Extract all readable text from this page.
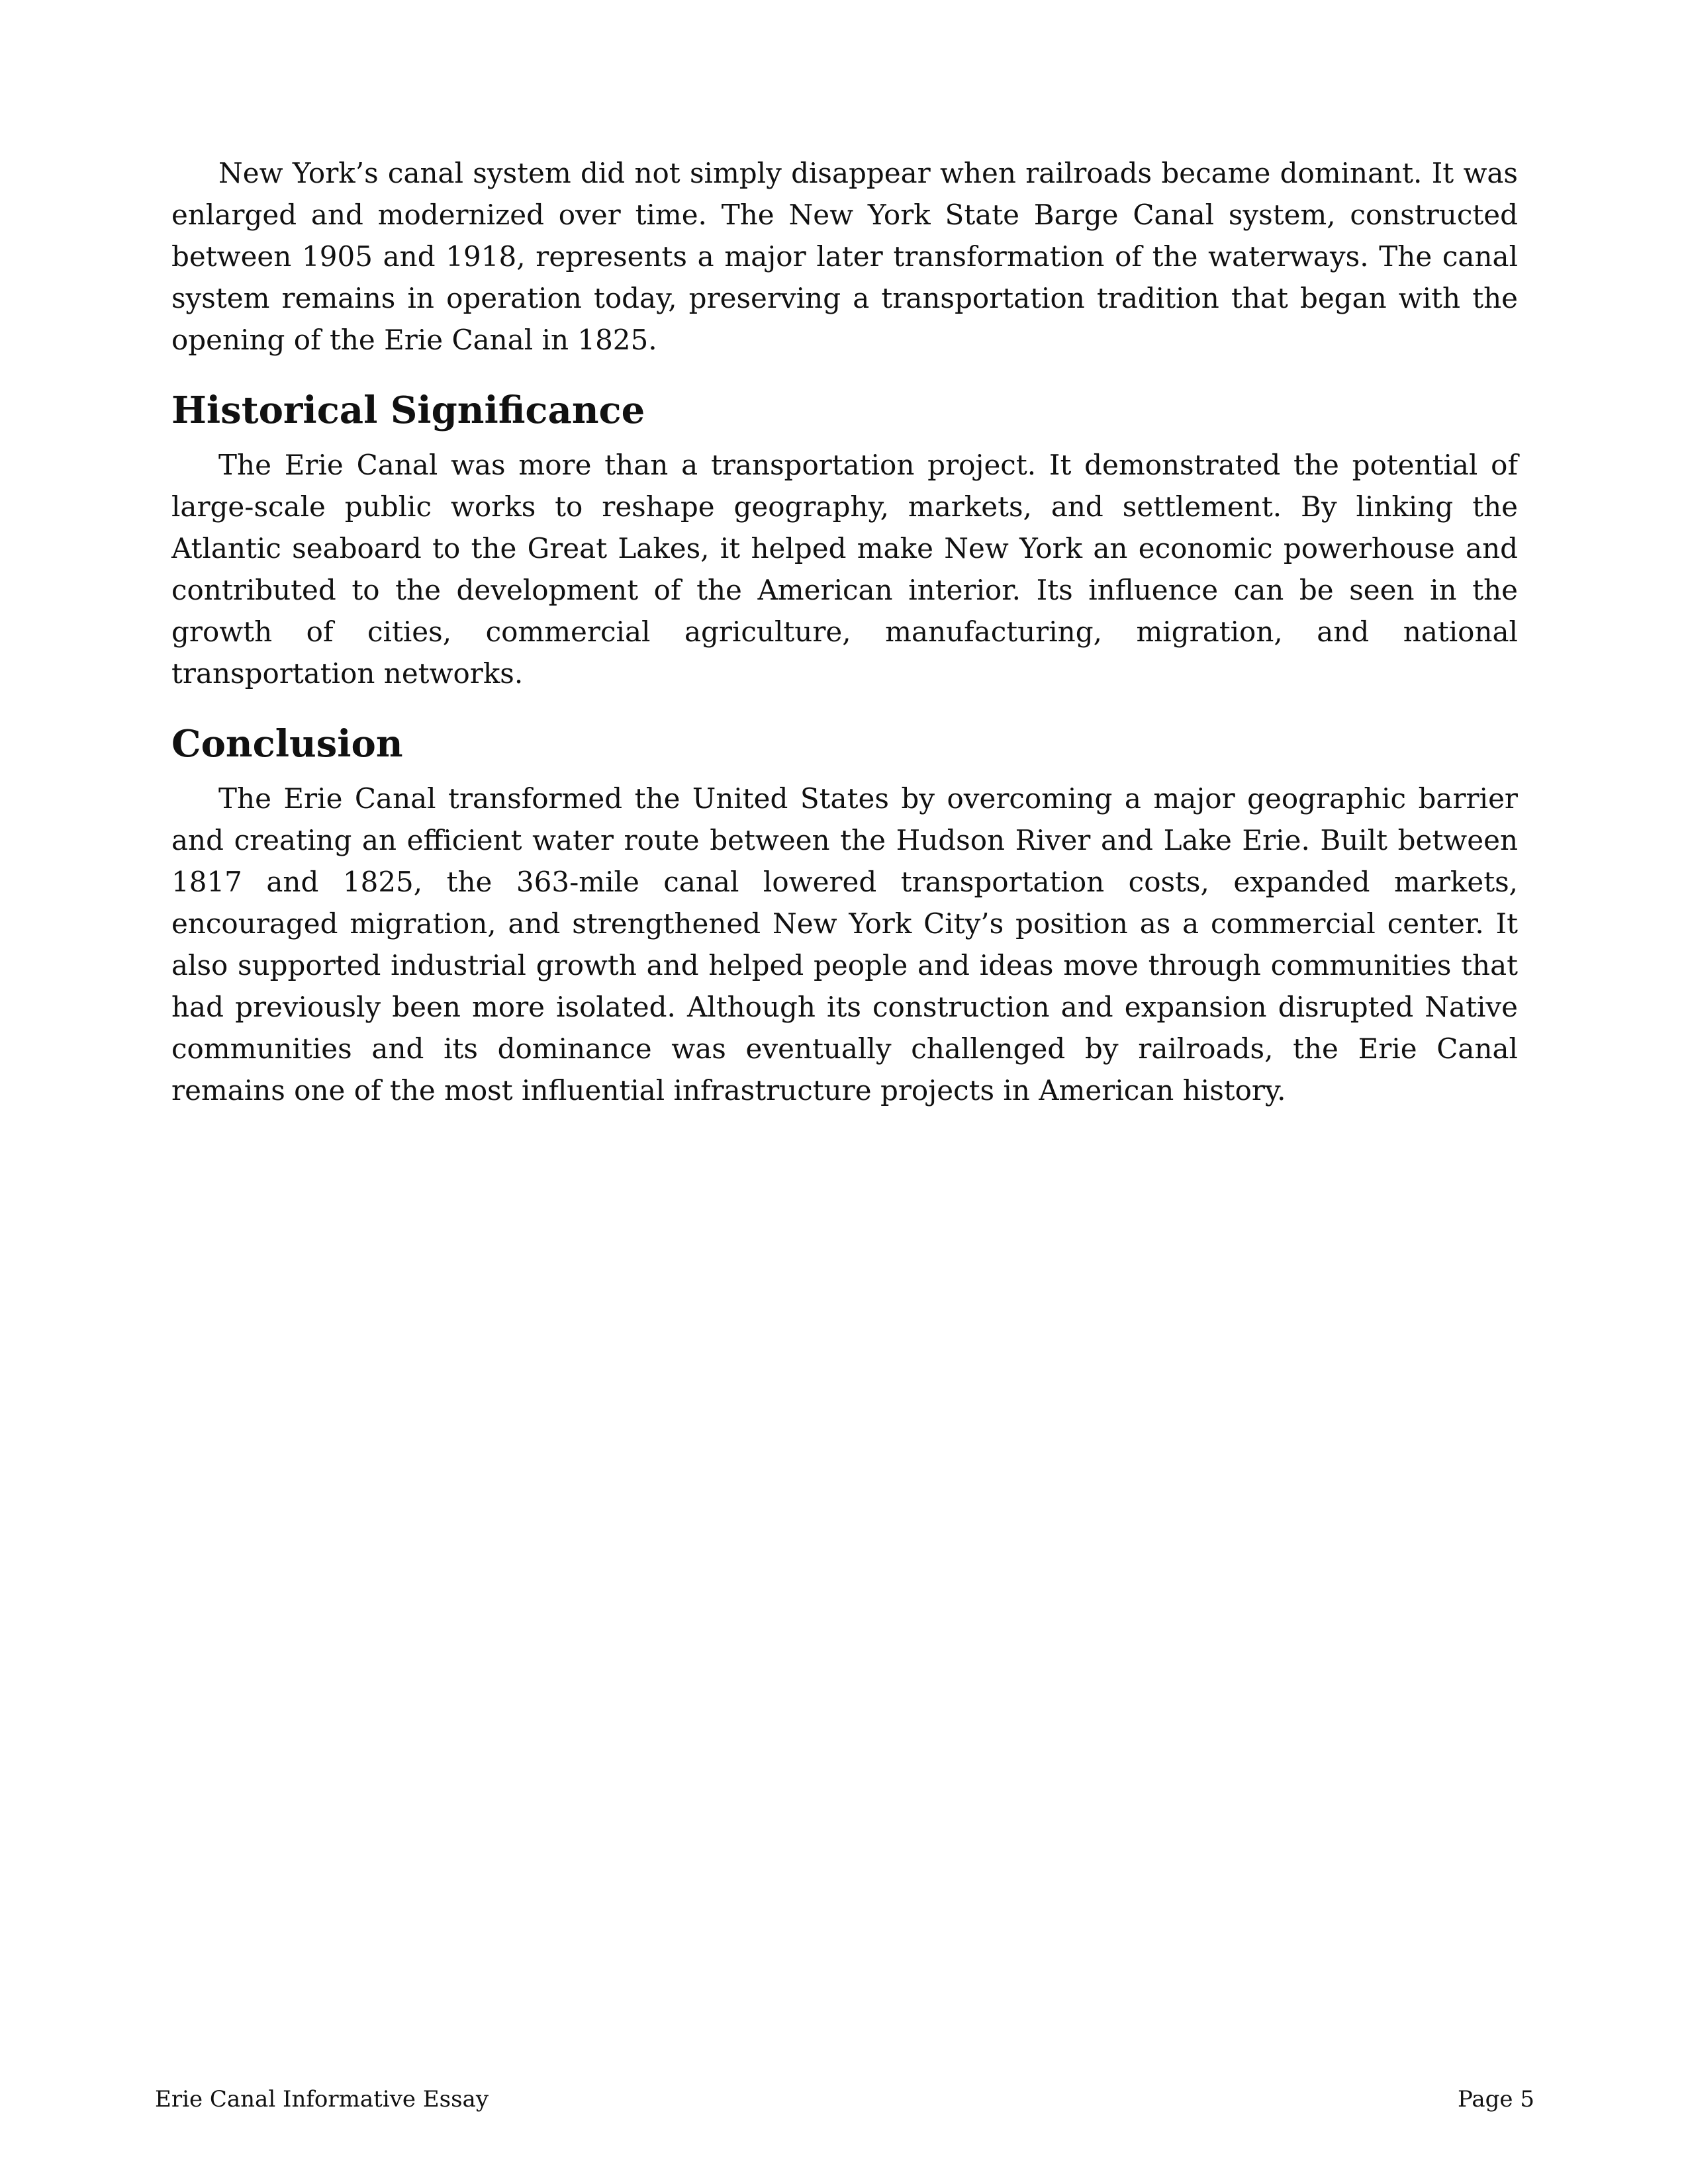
New York’s canal system did not simply disappear when railroads became dominant. It was enlarged and modernized over time. The New York State Barge Canal system, constructed between 1905 and 1918, represents a major later transformation of the waterways. The canal system remains in operation today, preserving a transportation tradition that began with the opening of the Erie Canal in 1825.

Historical Significance

The Erie Canal was more than a transportation project. It demonstrated the potential of large-scale public works to reshape geography, markets, and settlement. By linking the Atlantic seaboard to the Great Lakes, it helped make New York an economic powerhouse and contributed to the development of the American interior. Its influence can be seen in the growth of cities, commercial agriculture, manufacturing, migration, and national transportation networks.

Conclusion

The Erie Canal transformed the United States by overcoming a major geographic barrier and creating an efficient water route between the Hudson River and Lake Erie. Built between 1817 and 1825, the 363-mile canal lowered transportation costs, expanded markets, encouraged migration, and strengthened New York City’s position as a commercial center. It also supported industrial growth and helped people and ideas move through communities that had previously been more isolated. Although its construction and expansion disrupted Native communities and its dominance was eventually challenged by railroads, the Erie Canal remains one of the most influential infrastructure projects in American history.

Erie Canal Informative Essay	Page 5
